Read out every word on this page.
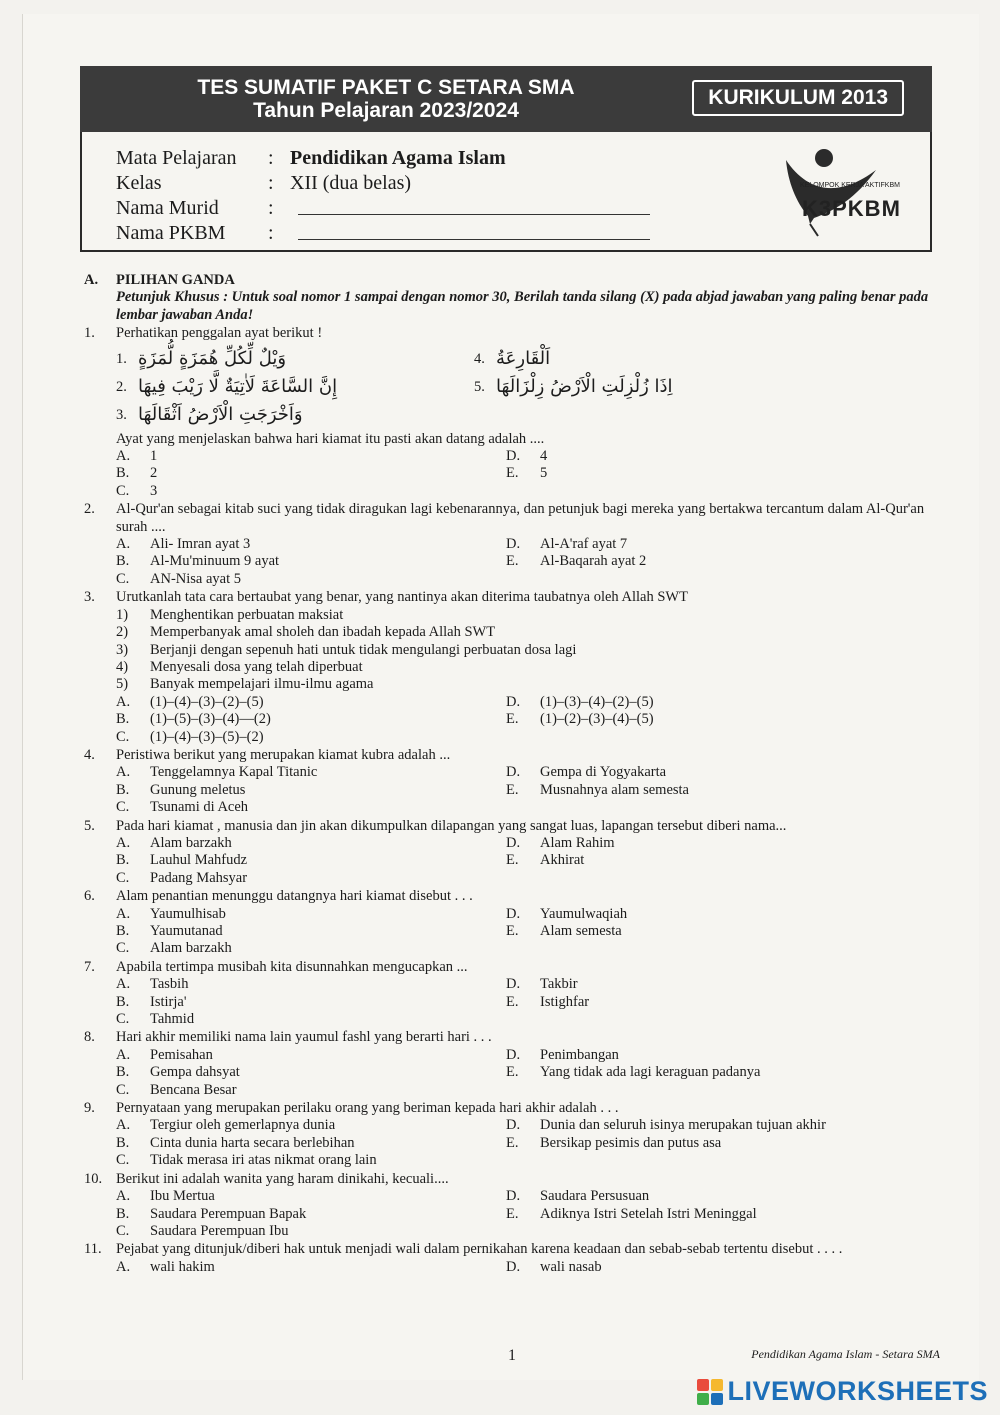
TES SUMATIF PAKET C SETARA SMA
Tahun Pelajaran 2023/2024
KURIKULUM 2013
Mata Pelajaran	: Pendidikan Agama Islam
Kelas	: XII (dua belas)
Nama Murid	:
Nama PKBM	:
KELOMPOK KERJA AKTIFKBM
K3PKBM
A.	PILIHAN GANDA
Petunjuk Khusus : Untuk soal nomor 1 sampai dengan nomor 30, Berilah tanda silang (X) pada abjad jawaban yang paling benar pada lembar jawaban Anda!
1.	Perhatikan penggalan ayat berikut !
1. وَيْلٌ لِّكُلِّ هُمَزَةٍ لُّمَزَةٍ	4. اَلْقَارِعَةُ
2. إِنَّ السَّاعَةَ لَاٰتِيَةٌ لَّا رَيْبَ فِيهَا	5. اِذَا زُلْزِلَتِ الْاَرْضُ زِلْزَالَهَا
3. وَاَخْرَجَتِ الْاَرْضُ اَثْقَالَهَا
Ayat yang menjelaskan bahwa hari kiamat itu pasti akan datang adalah ....
A.	1	D.	4
B.	2	E.	5
C.	3
2.	Al-Qur'an sebagai kitab suci yang tidak diragukan lagi kebenarannya, dan petunjuk bagi mereka yang bertakwa tercantum dalam Al-Qur'an surah ....
A.	Ali- Imran ayat 3	D.	Al-A'raf ayat 7
B.	Al-Mu'minuum 9 ayat	E.	Al-Baqarah ayat 2
C.	AN-Nisa ayat 5
3.	Urutkanlah tata cara bertaubat yang benar, yang nantinya akan diterima taubatnya oleh Allah SWT
1)	Menghentikan perbuatan maksiat
2)	Memperbanyak amal sholeh dan ibadah kepada Allah SWT
3)	Berjanji dengan sepenuh hati untuk tidak mengulangi perbuatan dosa lagi
4)	Menyesali dosa yang telah diperbuat
5)	Banyak mempelajari ilmu-ilmu agama
A.	(1)–(4)–(3)–(2)–(5)	D.	(1)–(3)–(4)–(2)–(5)
B.	(1)–(5)–(3)–(4)—(2)	E.	(1)–(2)–(3)–(4)–(5)
C.	(1)–(4)–(3)–(5)–(2)
4.	Peristiwa berikut yang merupakan kiamat kubra adalah ...
A.	Tenggelamnya Kapal Titanic	D.	Gempa di Yogyakarta
B.	Gunung meletus	E.	Musnahnya alam semesta
C.	Tsunami di Aceh
5.	Pada hari kiamat , manusia dan jin akan dikumpulkan dilapangan yang sangat luas, lapangan tersebut diberi nama...
A.	Alam barzakh	D.	Alam Rahim
B.	Lauhul Mahfudz	E.	Akhirat
C.	Padang Mahsyar
6.	Alam penantian menunggu datangnya hari kiamat disebut . . .
A.	Yaumulhisab	D.	Yaumulwaqiah
B.	Yaumutanad	E.	Alam semesta
C.	Alam barzakh
7.	Apabila tertimpa musibah kita disunnahkan mengucapkan ...
A.	Tasbih	D.	Takbir
B.	Istirja'	E.	Istighfar
C.	Tahmid
8.	Hari akhir memiliki nama lain yaumul fashl yang berarti hari . . .
A.	Pemisahan	D.	Penimbangan
B.	Gempa dahsyat	E.	Yang tidak ada lagi keraguan padanya
C.	Bencana Besar
9.	Pernyataan yang merupakan perilaku orang yang beriman kepada hari akhir adalah . . .
A.	Tergiur oleh gemerlapnya dunia	D.	Dunia dan seluruh isinya merupakan tujuan akhir
B.	Cinta dunia harta secara berlebihan	E.	Bersikap pesimis dan putus asa
C.	Tidak merasa iri atas nikmat orang lain
10. Berikut ini adalah wanita yang haram dinikahi, kecuali....
A.	Ibu Mertua	D.	Saudara Persusuan
B.	Saudara Perempuan Bapak	E.	Adiknya Istri Setelah Istri Meninggal
C.	Saudara Perempuan Ibu
11. Pejabat yang ditunjuk/diberi hak untuk menjadi wali dalam pernikahan karena keadaan dan sebab-sebab tertentu disebut . . . .
A.	wali hakim	D.	wali nasab
1	Pendidikan Agama Islam - Setara SMA
LIVEWORKSHEETS
